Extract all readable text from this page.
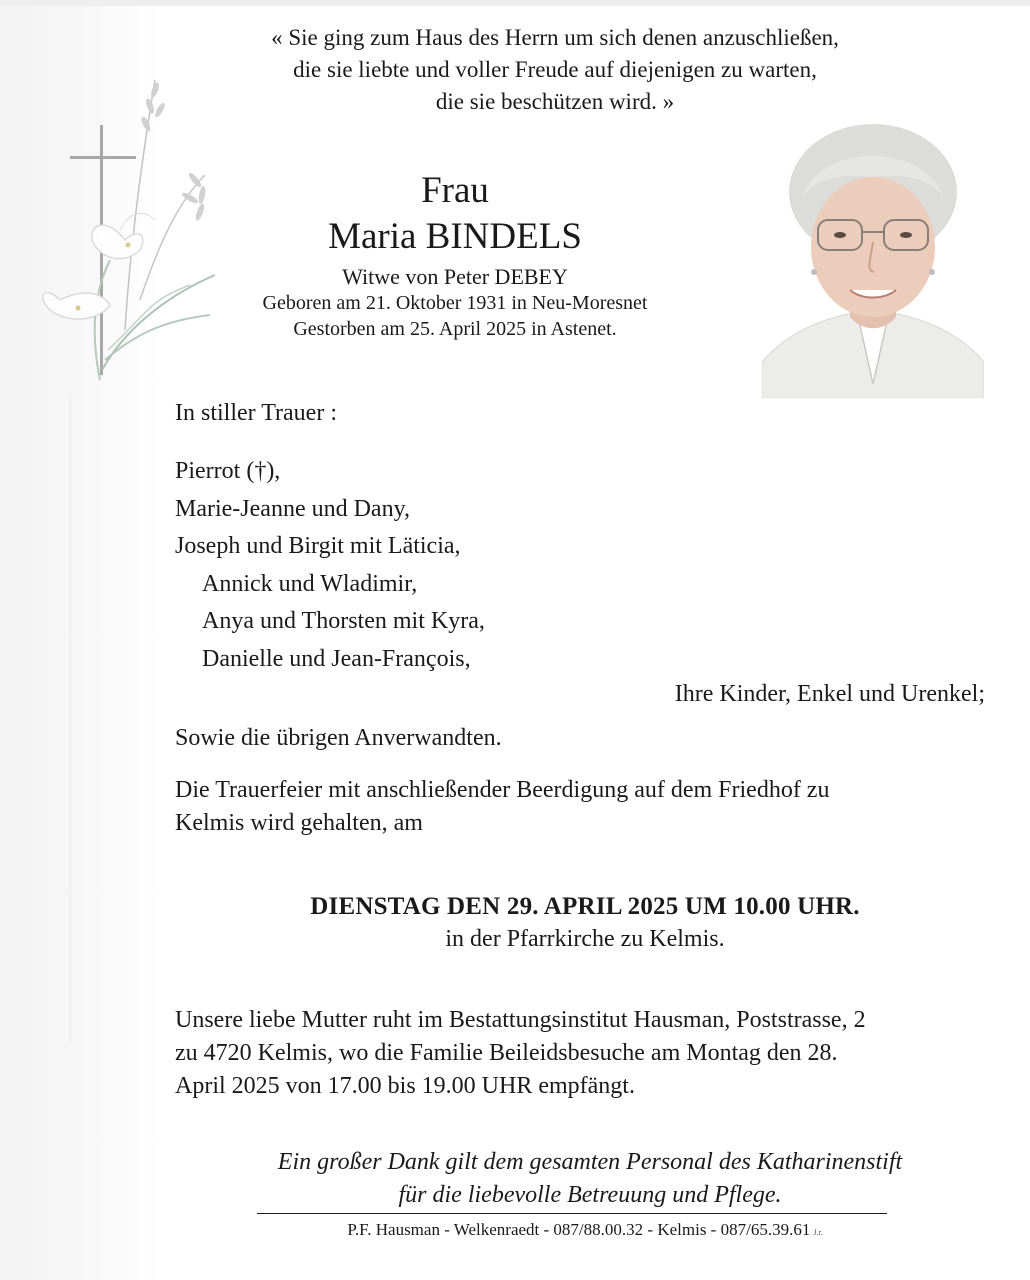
« Sie ging zum Haus des Herrn um sich denen anzuschließen,
die sie liebte und voller Freude auf diejenigen zu warten,
die sie beschützen wird. »
Frau
Maria BINDELS
Witwe von Peter DEBEY
Geboren am 21. Oktober 1931 in Neu-Moresnet
Gestorben am 25. April 2025 in Astenet.
In stiller Trauer :
Pierrot (†),
Marie-Jeanne und Dany,
Joseph und Birgit mit Läticia,
Annick und Wladimir,
Anya und Thorsten mit Kyra,
Danielle und Jean-François,
Ihre Kinder, Enkel und Urenkel;
Sowie die übrigen Anverwandten.
Die Trauerfeier mit anschließender Beerdigung auf dem Friedhof zu
Kelmis wird gehalten, am
DIENSTAG DEN 29. APRIL 2025 UM 10.00 UHR.
in der Pfarrkirche zu Kelmis.
Unsere liebe Mutter ruht im Bestattungsinstitut Hausman, Poststrasse, 2
zu 4720 Kelmis, wo die Familie Beileidsbesuche am Montag den 28.
April 2025 von 17.00 bis 19.00 UHR empfängt.
Ein großer Dank gilt dem gesamten Personal des Katharinenstift
für die liebevolle Betreuung und Pflege.
P.F. Hausman - Welkenraedt - 087/88.00.32 - Kelmis - 087/65.39.61 J.r.
